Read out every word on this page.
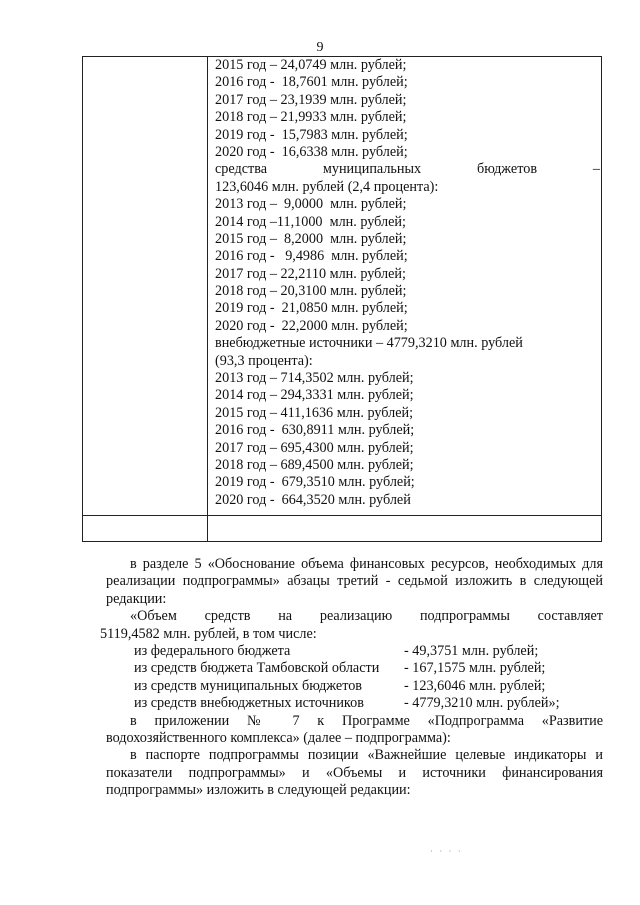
9
2015 год – 24,0749 млн. рублей;
2016 год -  18,7601 млн. рублей;
2017 год – 23,1939 млн. рублей;
2018 год – 21,9933 млн. рублей;
2019 год -  15,7983 млн. рублей;
2020 год -  16,6338 млн. рублей;
средства	муниципальных	бюджетов	–
123,6046 млн. рублей (2,4 процента):
2013 год –  9,0000  млн. рублей;
2014 год –11,1000  млн. рублей;
2015 год –  8,2000  млн. рублей;
2016 год -   9,4986  млн. рублей;
2017 год – 22,2110 млн. рублей;
2018 год – 20,3100 млн. рублей;
2019 год -  21,0850 млн. рублей;
2020 год -  22,2000 млн. рублей;
внебюджетные источники – 4779,3210 млн. рублей
(93,3 процента):
2013 год – 714,3502 млн. рублей;
2014 год – 294,3331 млн. рублей;
2015 год – 411,1636 млн. рублей;
2016 год -  630,8911 млн. рублей;
2017 год – 695,4300 млн. рублей;
2018 год – 689,4500 млн. рублей;
2019 год -  679,3510 млн. рублей;
2020 год -  664,3520 млн. рублей

в разделе 5 «Обоснование объема финансовых ресурсов, необходимых для реализации подпрограммы» абзацы третий - седьмой изложить в следующей редакции:

«Объем средств на реализацию подпрограммы составляет
5119,4582 млн. рублей, в том числе:
из федерального бюджета	- 49,3751 млн. рублей;
из средств бюджета Тамбовской области	- 167,1575 млн. рублей;
из средств муниципальных бюджетов	- 123,6046 млн. рублей;
из средств внебюджетных источников	- 4779,3210 млн. рублей»;

в приложении № 7 к Программе «Подпрограмма «Развитие водохозяйственного комплекса» (далее – подпрограмма):

в паспорте подпрограммы позиции «Важнейшие целевые индикаторы и показатели подпрограммы» и «Объемы и источники финансирования подпрограммы» изложить в следующей редакции:

· · · ·
